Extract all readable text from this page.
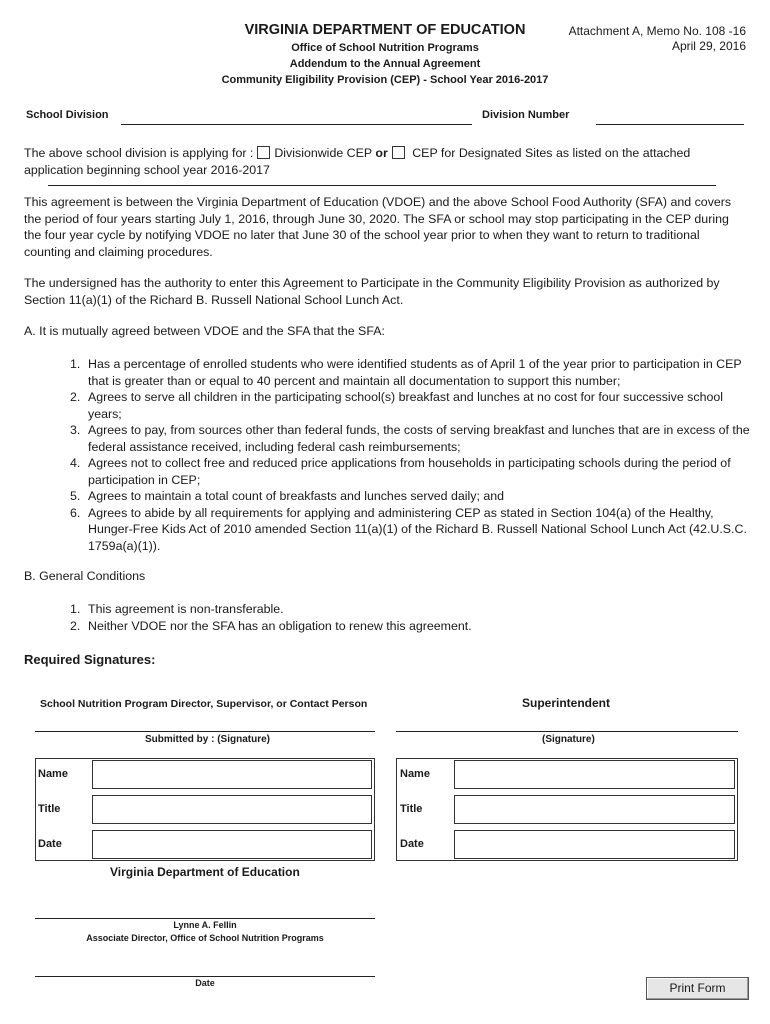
VIRGINIA DEPARTMENT OF EDUCATION
Office of School Nutrition Programs
Addendum to the Annual Agreement
Community Eligibility Provision (CEP) - School Year 2016-2017
Attachment A, Memo No. 108 -16
April 29, 2016
School Division	Division Number
The above school division is applying for : Divisionwide CEP or CEP for Designated Sites as listed on the attached
application beginning school year 2016-2017
This agreement is between the Virginia Department of Education (VDOE) and the above School Food Authority (SFA) and covers the period of four years starting July 1, 2016, through June 30, 2020. The SFA or school may stop participating in the CEP during the four year cycle by notifying VDOE no later that June 30 of the school year prior to when they want to return to traditional counting and claiming procedures.
The undersigned has the authority to enter this Agreement to Participate in the Community Eligibility Provision as authorized by Section 11(a)(1) of the Richard B. Russell National School Lunch Act.
A. It is mutually agreed between VDOE and the SFA that the SFA:
1. Has a percentage of enrolled students who were identified students as of April 1 of the year prior to participation in CEP that is greater than or equal to 40 percent and maintain all documentation to support this number;
2. Agrees to serve all children in the participating school(s) breakfast and lunches at no cost for four successive school years;
3. Agrees to pay, from sources other than federal funds, the costs of serving breakfast and lunches that are in excess of the federal assistance received, including federal cash reimbursements;
4. Agrees not to collect free and reduced price applications from households in participating schools during the period of participation in CEP;
5. Agrees to maintain a total count of breakfasts and lunches served daily; and
6. Agrees to abide by all requirements for applying and administering CEP as stated in Section 104(a) of the Healthy, Hunger-Free Kids Act of 2010 amended Section 11(a)(1) of the Richard B. Russell National School Lunch Act (42.U.S.C. 1759a(a)(1)).
B. General Conditions
1. This agreement is non-transferable.
2. Neither VDOE nor the SFA has an obligation to renew this agreement.
Required Signatures:
School Nutrition Program Director, Supervisor, or Contact Person	Superintendent
Submitted by : (Signature)	(Signature)
Name
Title
Date
Name
Title
Date
Virginia Department of Education
Lynne A. Fellin
Associate Director, Office of School Nutrition Programs
Date	Print Form
